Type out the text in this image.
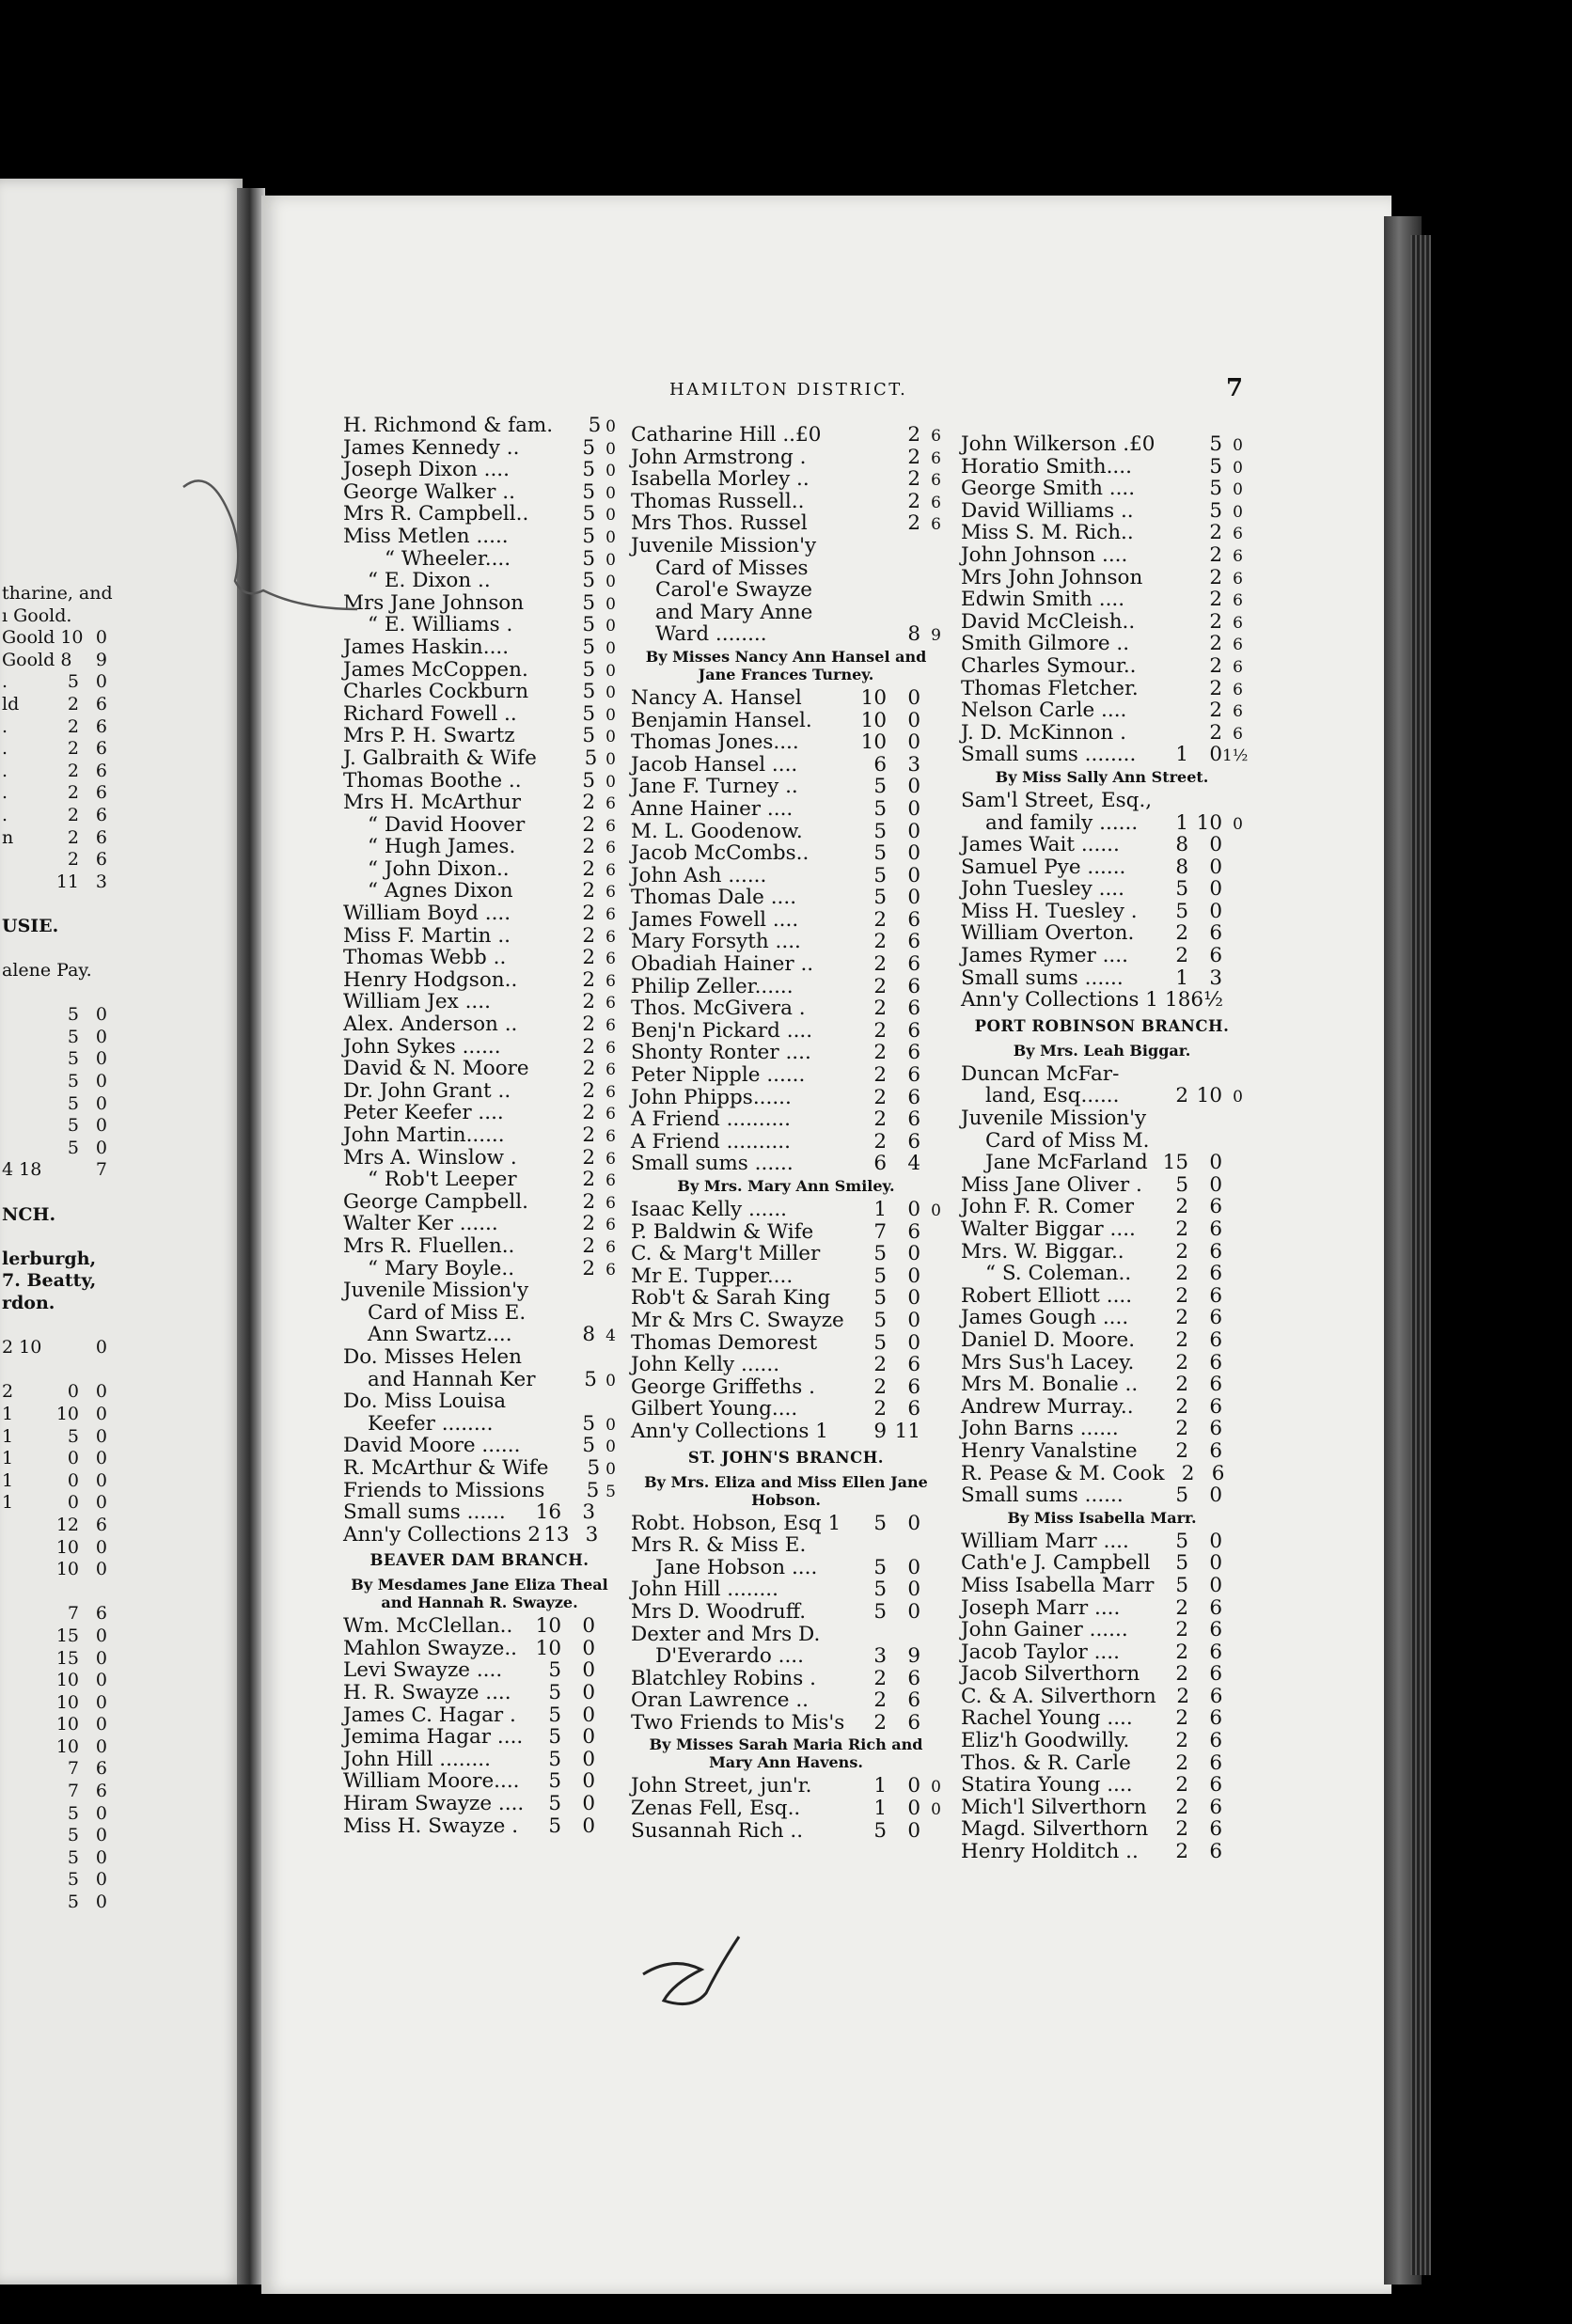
HAMILTON DISTRICT.	7
tharine, and
ı Goold.
Goold 10 0
Goold 8	9
.	5 0
ld	2 6
.	2 6
.	2 6
.	2 6
.	2 6
.	2 6
n	2 6
2 6
11 3
USIE.
alene Pay.
5 0
5 0
5 0
5 0
5 0
5 0
5 0
4 18	7
NCH.
lerburgh,
7. Beatty,
rdon.
2 10	0
2	0 0
1	10 0
1	5 0
1	0 0
1	0 0
1	0 0
12 6
10 0
10 0
7 6
15 0
15 0
10 0
10 0
10 0
10 0
7 6
7 6
5 0
5 0
5 0
5 0
5 0
H. Richmond & fam.	5 0
James Kennedy ..	5 0
Joseph Dixon ....	5 0
George Walker ..	5 0
Mrs R. Campbell..	5 0
Miss Metlen .....	5 0
“ Wheeler....	5 0
“ E. Dixon ..	5 0
Mrs Jane Johnson	5 0
“ E. Williams .	5 0
James Haskin....	5 0
James McCoppen.	5 0
Charles Cockburn	5 0
Richard Fowell ..	5 0
Mrs P. H. Swartz	5 0
J. Galbraith & Wife	5 0
Thomas Boothe ..	5 0
Mrs H. McArthur	2 6
“ David Hoover	2 6
“ Hugh James.	2 6
“ John Dixon..	2 6
“ Agnes Dixon	2 6
William Boyd ....	2 6
Miss F. Martin ..	2 6
Thomas Webb ..	2 6
Henry Hodgson..	2 6
William Jex ....	2 6
Alex. Anderson ..	2 6
John Sykes ......	2 6
David & N. Moore	2 6
Dr. John Grant ..	2 6
Peter Keefer ....	2 6
John Martin......	2 6
Mrs A. Winslow .	2 6
“ Rob't Leeper	2 6
George Campbell.	2 6
Walter Ker ......	2 6
Mrs R. Fluellen..	2 6
“ Mary Boyle..	2 6
Juvenile Mission'y
Card of Miss E.
Ann Swartz....	8 4
Do. Misses Helen
and Hannah Ker	5 0
Do. Miss Louisa
Keefer ........	5 0
David Moore ......	5 0
R. McArthur & Wife	5 0
Friends to Missions	5 5
Small sums ......	16	3
Ann'y Collections 2 13 3
BEAVER DAM BRANCH.
By Mesdames Jane Eliza Theal and Hannah R. Swayze.
Wm. McClellan..	10	0
Mahlon Swayze.. 10	0
Levi Swayze ....	5	0
H. R. Swayze ....	5	0
James C. Hagar .	5	0
Jemima Hagar ....	5	0
John Hill ........	5	0
William Moore....	5	0
Hiram Swayze ....	5	0
Miss H. Swayze .	5	0
Catharine Hill ..£0	2 6
John Armstrong .	2 6
Isabella Morley ..	2 6
Thomas Russell..	2 6
Mrs Thos. Russel	2 6
Juvenile Mission'y
Card of Misses
Carol'e Swayze
and Mary Anne
Ward ........	8 9
By Misses Nancy Ann Hansel and Jane Frances Turney.
Nancy A. Hansel	10	0
Benjamin Hansel.	10	0
Thomas Jones....	10	0
Jacob Hansel ....	6	3
Jane F. Turney ..	5	0
Anne Hainer ....	5	0
M. L. Goodenow.	5	0
Jacob McCombs..	5	0
John Ash ......	5	0
Thomas Dale ....	5	0
James Fowell ....	2	6
Mary Forsyth ....	2	6
Obadiah Hainer ..	2	6
Philip Zeller......	2	6
Thos. McGivera .	2	6
Benj'n Pickard ....	2	6
Shonty Ronter ....	2	6
Peter Nipple ......	2	6
John Phipps......	2	6
A Friend ..........	2	6
A Friend ..........	2	6
Small sums ......	6	4
By Mrs. Mary Ann Smiley.
Isaac Kelly ......	1	0 0
P. Baldwin & Wife	7	6
C. & Marg't Miller	5	0
Mr E. Tupper....	5	0
Rob't & Sarah King	5	0
Mr & Mrs C. Swayze	5	0
Thomas Demorest	5	0
John Kelly ......	2	6
George Griffeths .	2	6
Gilbert Young....	2	6
Ann'y Collections 1	9 11
ST. JOHN'S BRANCH.
By Mrs. Eliza and Miss Ellen Jane Hobson.
Robt. Hobson, Esq 1	5	0
Mrs R. & Miss E.
Jane Hobson ....	5	0
John Hill ........	5	0
Mrs D. Woodruff.	5	0
Dexter and Mrs D.
D'Everardo ....	3	9
Blatchley Robins .	2	6
Oran Lawrence ..	2	6
Two Friends to Mis's	2	6
By Misses Sarah Maria Rich and Mary Ann Havens.
John Street, jun'r.	1	0 0
Zenas Fell, Esq..	1	0 0
Susannah Rich ..	5	0
John Wilkerson .£0	5 0
Horatio Smith....	5 0
George Smith ....	5 0
David Williams ..	5 0
Miss S. M. Rich..	2 6
John Johnson ....	2 6
Mrs John Johnson	2 6
Edwin Smith ....	2 6
David McCleish..	2 6
Smith Gilmore ..	2 6
Charles Symour..	2 6
Thomas Fletcher.	2 6
Nelson Carle ....	2 6
J. D. McKinnon .	2 6
Small sums ........	1	0 1½
By Miss Sally Ann Street.
Sam'l Street, Esq.,
and family ......	1 10 0
James Wait ......	8	0
Samuel Pye ......	8	0
John Tuesley ....	5	0
Miss H. Tuesley .	5	0
William Overton.	2	6
James Rymer ....	2	6
Small sums ......	1	3
Ann'y Collections 1 18 6½
PORT ROBINSON BRANCH.
By Mrs. Leah Biggar.
Duncan McFar-
land, Esq......	2 10 0
Juvenile Mission'y
Card of Miss M.
Jane McFarland 15	0
Miss Jane Oliver .	5	0
John F. R. Comer	2	6
Walter Biggar ....	2	6
Mrs. W. Biggar..	2	6
“ S. Coleman..	2	6
Robert Elliott ....	2	6
James Gough ....	2	6
Daniel D. Moore.	2	6
Mrs Sus'h Lacey.	2	6
Mrs M. Bonalie ..	2	6
Andrew Murray..	2	6
John Barns ......	2	6
Henry Vanalstine	2	6
R. Pease & M. Cook 2 6
Small sums ......	5	0
By Miss Isabella Marr.
William Marr ....	5	0
Cath'e J. Campbell	5	0
Miss Isabella Marr	5	0
Joseph Marr ....	2	6
John Gainer ......	2	6
Jacob Taylor ....	2	6
Jacob Silverthorn	2	6
C. & A. Silverthorn	2	6
Rachel Young ....	2	6
Eliz'h Goodwilly.	2	6
Thos. & R. Carle	2	6
Statira Young ....	2	6
Mich'l Silverthorn	2	6
Magd. Silverthorn	2	6
Henry Holditch ..	2	6
